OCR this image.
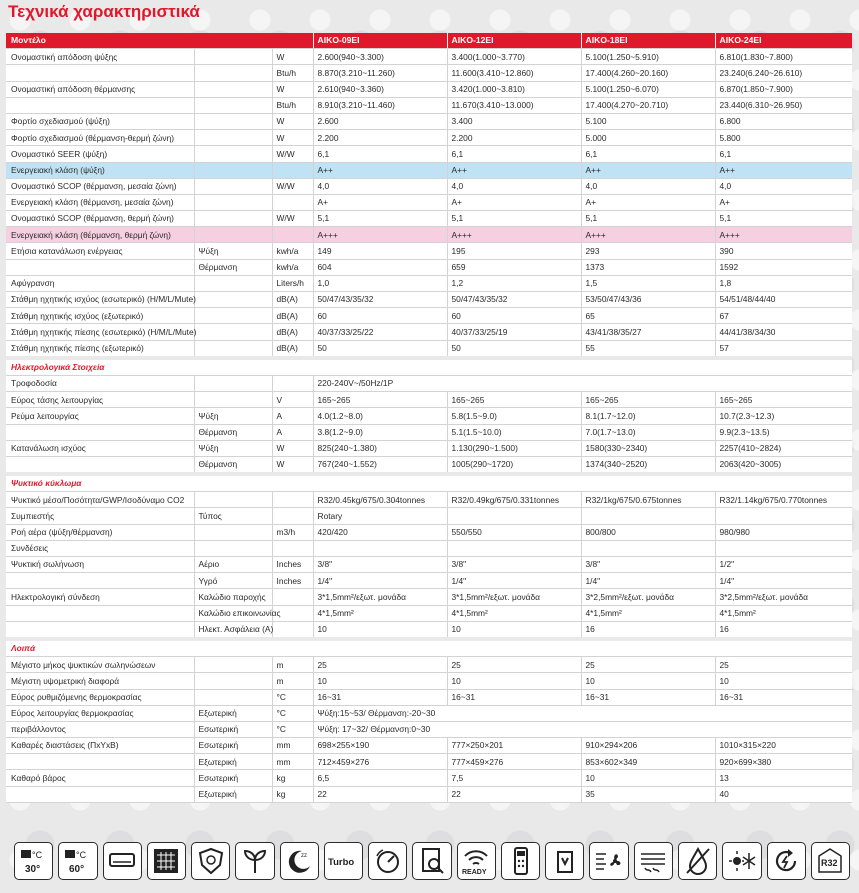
Τεχνικά χαρακτηριστικά
Μοντέλο			AIKO-09EI	AIKO-12EI	AIKO-18EI	AIKO-24EI
Ονομαστική απόδοση ψύξης		W	2.600(940~3.300)	3.400(1.000~3.770)	5.100(1.250~5.910)	6.810(1.830~7.800)
		Btu/h	8.870(3.210~11.260)	11.600(3.410~12.860)	17.400(4.260~20.160)	23.240(6.240~26.610)
Ονομαστική απόδοση θέρμανσης		W	2.610(940~3.360)	3.420(1.000~3.810)	5.100(1.250~6.070)	6.870(1.850~7.900)
		Btu/h	8.910(3.210~11.460)	11.670(3.410~13.000)	17.400(4.270~20.710)	23.440(6.310~26.950)
Φορτίο σχεδιασμού (ψύξη)		W	2.600	3.400	5.100	6.800
Φορτίο σχεδιασμού (θέρμανση-θερμή ζώνη)		W	2.200	2.200	5.000	5.800
Ονομαστικό SEER (ψύξη)		W/W	6,1	6,1	6,1	6,1
Ενεργειακή κλάση (ψύξη)			A++	A++	A++	A++
Ονομαστικό SCOP (θέρμανση, μεσαία ζώνη)		W/W	4,0	4,0	4,0	4,0
Ενεργειακή κλάση (θέρμανση, μεσαία ζώνη)			A+	A+	A+	A+
Ονομαστικό SCOP (θέρμανση, θερμή ζώνη)		W/W	5,1	5,1	5,1	5,1
Ενεργειακή κλάση (θέρμανση, θερμή ζώνη)			A+++	A+++	A+++	A+++
Ετήσια κατανάλωση ενέργειας	Ψύξη	kwh/a	149	195	293	390
	Θέρμανση	kwh/a	604	659	1373	1592
Αφύγρανση		Liters/h	1,0	1,2	1,5	1,8
Στάθμη ηχητικής ισχύος (εσωτερικό) (H/M/L/Mute)		dB(A)	50/47/43/35/32	50/47/43/35/32	53/50/47/43/36	54/51/48/44/40
Στάθμη ηχητικής ισχύος (εξωτερικό)		dB(A)	60	60	65	67
Στάθμη ηχητικής πίεσης (εσωτερικό) (H/M/L/Mute)		dB(A)	40/37/33/25/22	40/37/33/25/19	43/41/38/35/27	44/41/38/34/30
Στάθμη ηχητικής πίεσης (εξωτερικό)		dB(A)	50	50	55	57
Ηλεκτρολογικά Στοιχεία						
Τροφοδοσία			220-240V~/50Hz/1P			
Εύρος τάσης λειτουργίας		V	165~265	165~265	165~265	165~265
Ρεύμα λειτουργίας	Ψύξη	A	4.0(1.2~8.0)	5.8(1.5~9.0)	8.1(1.7~12.0)	10.7(2.3~12.3)
	Θέρμανση	A	3.8(1.2~9.0)	5.1(1.5~10.0)	7.0(1.7~13.0)	9.9(2.3~13.5)
Κατανάλωση ισχύος	Ψύξη	W	825(240~1.380)	1.130(290~1.500)	1580(330~2340)	2257(410~2824)
	Θέρμανση	W	767(240~1.552)	1005(290~1720)	1374(340~2520)	2063(420~3005)
Ψυκτικό κύκλωμα						
Ψυκτικό μέσο/Ποσότητα/GWP/Ισοδύναμο CO2			R32/0.45kg/675/0.304tonnes	R32/0.49kg/675/0.331tonnes	R32/1kg/675/0.675tonnes	R32/1.14kg/675/0.770tonnes
Συμπιεστής	Τύπος		Rotary			
Ροή αέρα (ψύξη/θέρμανση)		m3/h	420/420	550/550	800/800	980/980
Συνδέσεις						
Ψυκτική σωλήνωση	Αέριο	Inches	3/8"	3/8"	3/8"	1/2"
	Υγρό	Inches	1/4"	1/4"	1/4"	1/4"
Ηλεκτρολογική σύνδεση	Καλώδιο παροχής		3*1,5mm²/εξωτ. μονάδα	3*1,5mm²/εξωτ. μονάδα	3*2,5mm²/εξωτ. μονάδα	3*2,5mm²/εξωτ. μονάδα
	Καλώδιο επικοινωνίας		4*1,5mm²	4*1,5mm²	4*1,5mm²	4*1,5mm²
	Ηλεκτ. Ασφάλεια (A)		10	10	16	16
Λοιπά						
Μέγιστο μήκος ψυκτικών σωληνώσεων		m	25	25	25	25
Μέγιστη υψομετρική διαφορά		m	10	10	10	10
Εύρος ρυθμιζόμενης θερμοκρασίας		°C	16~31	16~31	16~31	16~31
Εύρος λειτουργίας θερμοκρασίας	Εξωτερική	°C	Ψύξη:15~53/ Θέρμανση:-20~30			
περιβάλλοντος	Εσωτερική	°C	Ψύξη: 17~32/ Θέρμανση:0~30			
Καθαρές διαστάσεις (ΠxΥxΒ)	Εσωτερική	mm	698×255×190	777×250×201	910×294×206	1010×315×220
	Εξωτερική	mm	712×459×276	777×459×276	853×602×349	920×699×380
Καθαρό βάρος	Εσωτερική	kg	6,5	7,5	10	13
	Εξωτερική	kg	22	22	35	40
°C
30°
°C
60°
zz
Turbo
READY
R32
